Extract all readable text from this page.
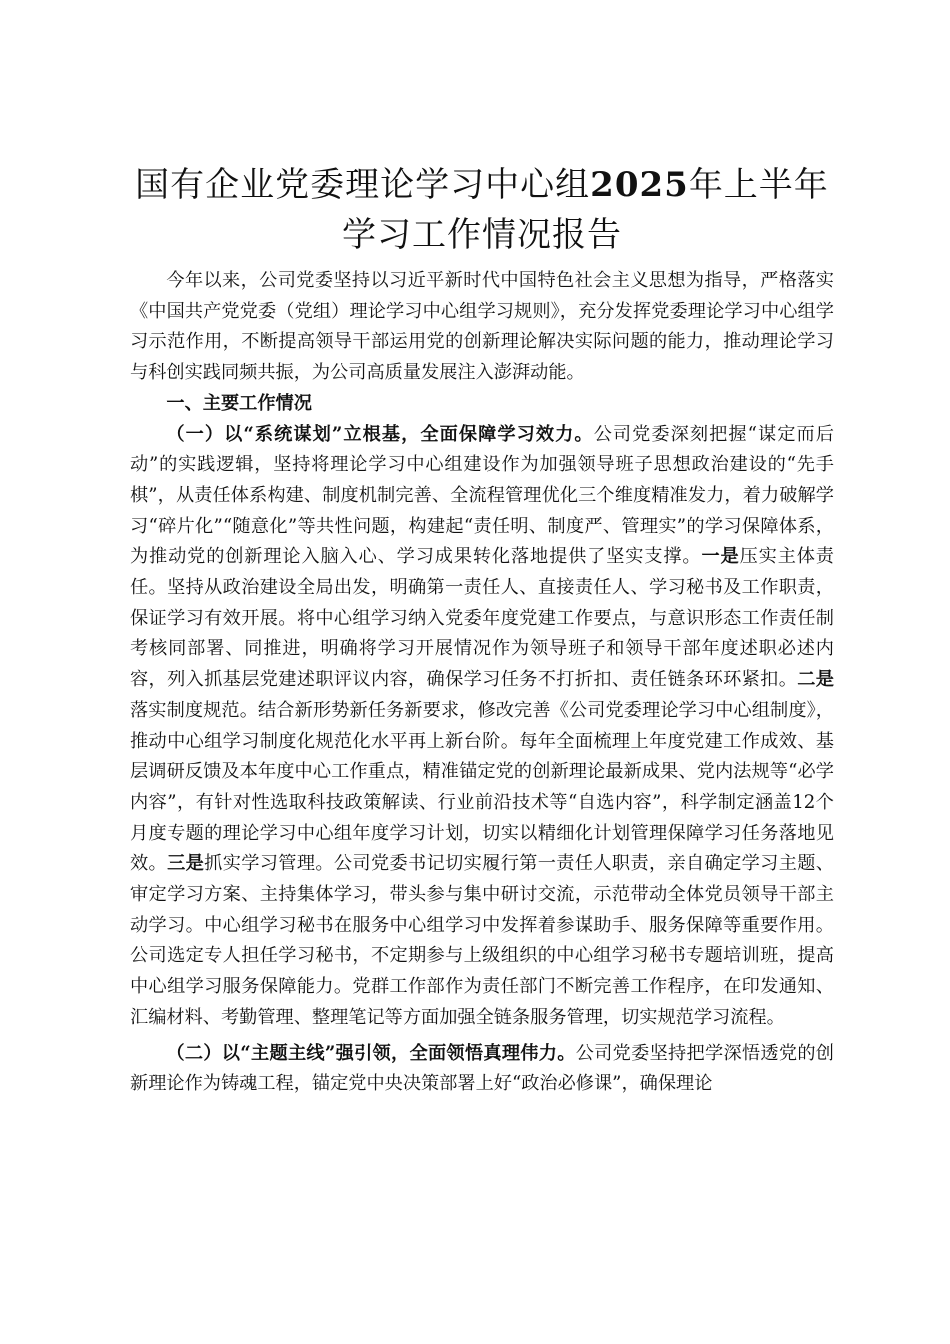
国有企业党委理论学习中心组2025年上半年
学习工作情况报告

今年以来，公司党委坚持以习近平新时代中国特色社会主义思想为指导，严格落实《中国共产党党委（党组）理论学习中心组学习规则》，充分发挥党委理论学习中心组学习示范作用，不断提高领导干部运用党的创新理论解决实际问题的能力，推动理论学习与科创实践同频共振，为公司高质量发展注入澎湃动能。

一、主要工作情况

（一）以“系统谋划”立根基，全面保障学习效力。公司党委深刻把握“谋定而后动”的实践逻辑，坚持将理论学习中心组建设作为加强领导班子思想政治建设的“先手棋”，从责任体系构建、制度机制完善、全流程管理优化三个维度精准发力，着力破解学习“碎片化”“随意化”等共性问题，构建起“责任明、制度严、管理实”的学习保障体系，为推动党的创新理论入脑入心、学习成果转化落地提供了坚实支撑。一是压实主体责任。坚持从政治建设全局出发，明确第一责任人、直接责任人、学习秘书及工作职责，保证学习有效开展。将中心组学习纳入党委年度党建工作要点，与意识形态工作责任制考核同部署、同推进，明确将学习开展情况作为领导班子和领导干部年度述职必述内容，列入抓基层党建述职评议内容，确保学习任务不打折扣、责任链条环环紧扣。二是落实制度规范。结合新形势新任务新要求，修改完善《公司党委理论学习中心组制度》，推动中心组学习制度化规范化水平再上新台阶。每年全面梳理上年度党建工作成效、基层调研反馈及本年度中心工作重点，精准锚定党的创新理论最新成果、党内法规等“必学内容”，有针对性选取科技政策解读、行业前沿技术等“自选内容”，科学制定涵盖12个月度专题的理论学习中心组年度学习计划，切实以精细化计划管理保障学习任务落地见效。三是抓实学习管理。公司党委书记切实履行第一责任人职责，亲自确定学习主题、审定学习方案、主持集体学习，带头参与集中研讨交流，示范带动全体党员领导干部主动学习。中心组学习秘书在服务中心组学习中发挥着参谋助手、服务保障等重要作用。公司选定专人担任学习秘书，不定期参与上级组织的中心组学习秘书专题培训班，提高中心组学习服务保障能力。党群工作部作为责任部门不断完善工作程序，在印发通知、汇编材料、考勤管理、整理笔记等方面加强全链条服务管理，切实规范学习流程。

（二）以“主题主线”强引领，全面领悟真理伟力。公司党委坚持把学深悟透党的创新理论作为铸魂工程，锚定党中央决策部署上好“政治必修课”，确保理论
